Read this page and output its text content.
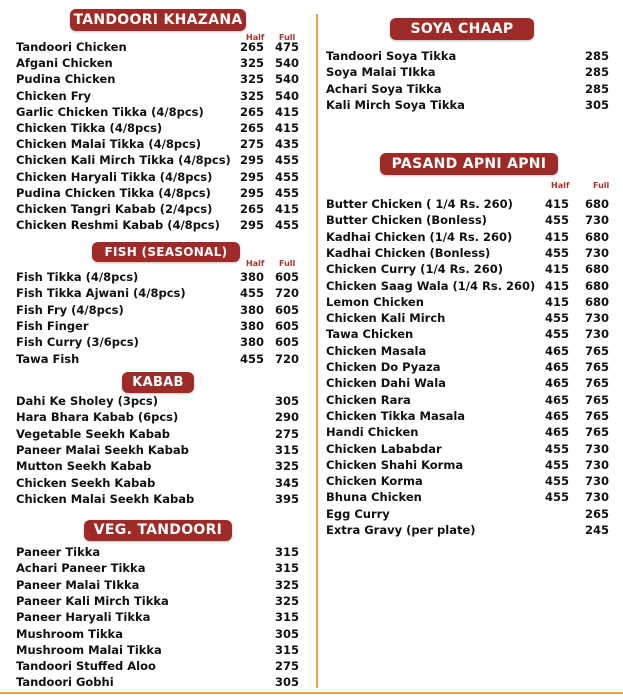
TANDOORI KHAZANA SE	Half Full
FISH (SEASONAL)
Half Full
KABAB
VEG. TANDOORI
SOYA CHAAP
PASAND APNI APNI
Half	Full
Tandoori Chicken	265 475
Afgani Chicken	325 540
Pudina Chicken	325 540
Chicken Fry	325 540
Garlic Chicken Tikka (4/8pcs)	265 415
Chicken Tikka (4/8pcs)	265 415
Chicken Malai Tikka (4/8pcs)	275 435
Chicken Kali Mirch Tikka (4/8pcs) 295 455
Chicken Haryali Tikka (4/8pcs) 295 455
Pudina Chicken Tikka (4/8pcs)	295 455
Chicken Tangri Kabab (2/4pcs) 265 415
Chicken Reshmi Kabab (4/8pcs) 295 455
Fish Tikka (4/8pcs)	380 605
Fish Tikka Ajwani (4/8pcs)	455 720
Fish Fry (4/8pcs)	380 605
Fish Finger	380 605
Fish Curry (3/6pcs)	380 605
Tawa Fish	455 720
Dahi Ke Sholey (3pcs)	305
Hara Bhara Kabab (6pcs)	290
Vegetable Seekh Kabab	275
Paneer Malai Seekh Kabab	315
Mutton Seekh Kabab	325
Chicken Seekh Kabab	345
Chicken Malai Seekh Kabab	395
Paneer Tikka	315
Achari Paneer Tikka	315
Paneer Malai TIkka	325
Paneer Kali Mirch Tikka	325
Paneer Haryali Tikka	315
Mushroom Tikka	305
Mushroom Malai Tikka	315
Tandoori Stuffed Aloo	275
Tandoori Gobhi	305
Tandoori Soya Tikka	285
Soya Malai TIkka	285
Achari Soya Tikka	285
Kali Mirch Soya Tikka	305
Butter Chicken ( 1/4 Rs. 260)	415 680
Butter Chicken (Bonless)	455 730
Kadhai Chicken (1/4 Rs. 260)	415 680
Kadhai Chicken (Bonless)	455 730
Chicken Curry (1/4 Rs. 260)	415 680
Chicken Saag Wala (1/4 Rs. 260) 415 680
Lemon Chicken	415 680
Chicken Kali Mirch	455 730
Tawa Chicken	455 730
Chicken Masala	465 765
Chicken Do Pyaza	465 765
Chicken Dahi Wala	465 765
Chicken Rara	465 765
Chicken Tikka Masala	465 765
Handi Chicken	465 765
Chicken Lababdar	455 730
Chicken Shahi Korma	455 730
Chicken Korma	455 730
Bhuna Chicken	455 730
Egg Curry	265
Extra Gravy (per plate)	245
